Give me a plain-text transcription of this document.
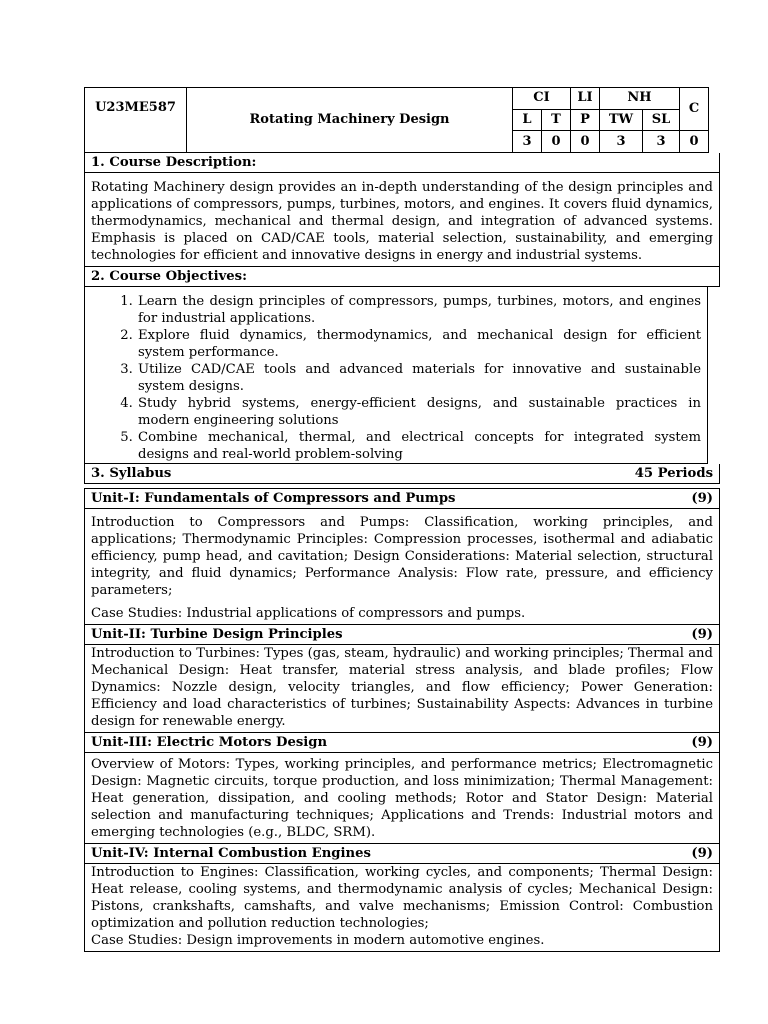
U23ME587	Rotating Machinery Design	CI		LI	NH		C
		L	T	P	TW	SL	
		3	0	0	3	3	0
1. Course Description:

Rotating Machinery design provides an in-depth understanding of the design principles and applications of compressors, pumps, turbines, motors, and engines. It covers fluid dynamics, thermodynamics, mechanical and thermal design, and integration of advanced systems. Emphasis is placed on CAD/CAE tools, material selection, sustainability, and emerging technologies for efficient and innovative designs in energy and industrial systems.

2. Course Objectives:
1. Learn the design principles of compressors, pumps, turbines, motors, and engines for industrial applications.
2. Explore fluid dynamics, thermodynamics, and mechanical design for efficient system performance.
3. Utilize CAD/CAE tools and advanced materials for innovative and sustainable system designs.
4. Study hybrid systems, energy-efficient designs, and sustainable practices in modern engineering solutions
5. Combine mechanical, thermal, and electrical concepts for integrated system designs and real-world problem-solving
3. Syllabus	45 Periods
Unit-I: Fundamentals of Compressors and Pumps	(9)

Introduction to Compressors and Pumps: Classification, working principles, and applications; Thermodynamic Principles: Compression processes, isothermal and adiabatic efficiency, pump head, and cavitation; Design Considerations: Material selection, structural integrity, and fluid dynamics; Performance Analysis: Flow rate, pressure, and efficiency parameters;

Case Studies: Industrial applications of compressors and pumps.

Unit-II: Turbine Design Principles	(9)

Introduction to Turbines: Types (gas, steam, hydraulic) and working principles; Thermal and Mechanical Design: Heat transfer, material stress analysis, and blade profiles; Flow Dynamics: Nozzle design, velocity triangles, and flow efficiency; Power Generation: Efficiency and load characteristics of turbines; Sustainability Aspects: Advances in turbine design for renewable energy.

Unit-III: Electric Motors Design	(9)

Overview of Motors: Types, working principles, and performance metrics; Electromagnetic Design: Magnetic circuits, torque production, and loss minimization; Thermal Management: Heat generation, dissipation, and cooling methods; Rotor and Stator Design: Material selection and manufacturing techniques; Applications and Trends: Industrial motors and emerging technologies (e.g., BLDC, SRM).

Unit-IV: Internal Combustion Engines	(9)

Introduction to Engines: Classification, working cycles, and components; Thermal Design: Heat release, cooling systems, and thermodynamic analysis of cycles; Mechanical Design: Pistons, crankshafts, camshafts, and valve mechanisms; Emission Control: Combustion optimization and pollution reduction technologies;

Case Studies: Design improvements in modern automotive engines.
